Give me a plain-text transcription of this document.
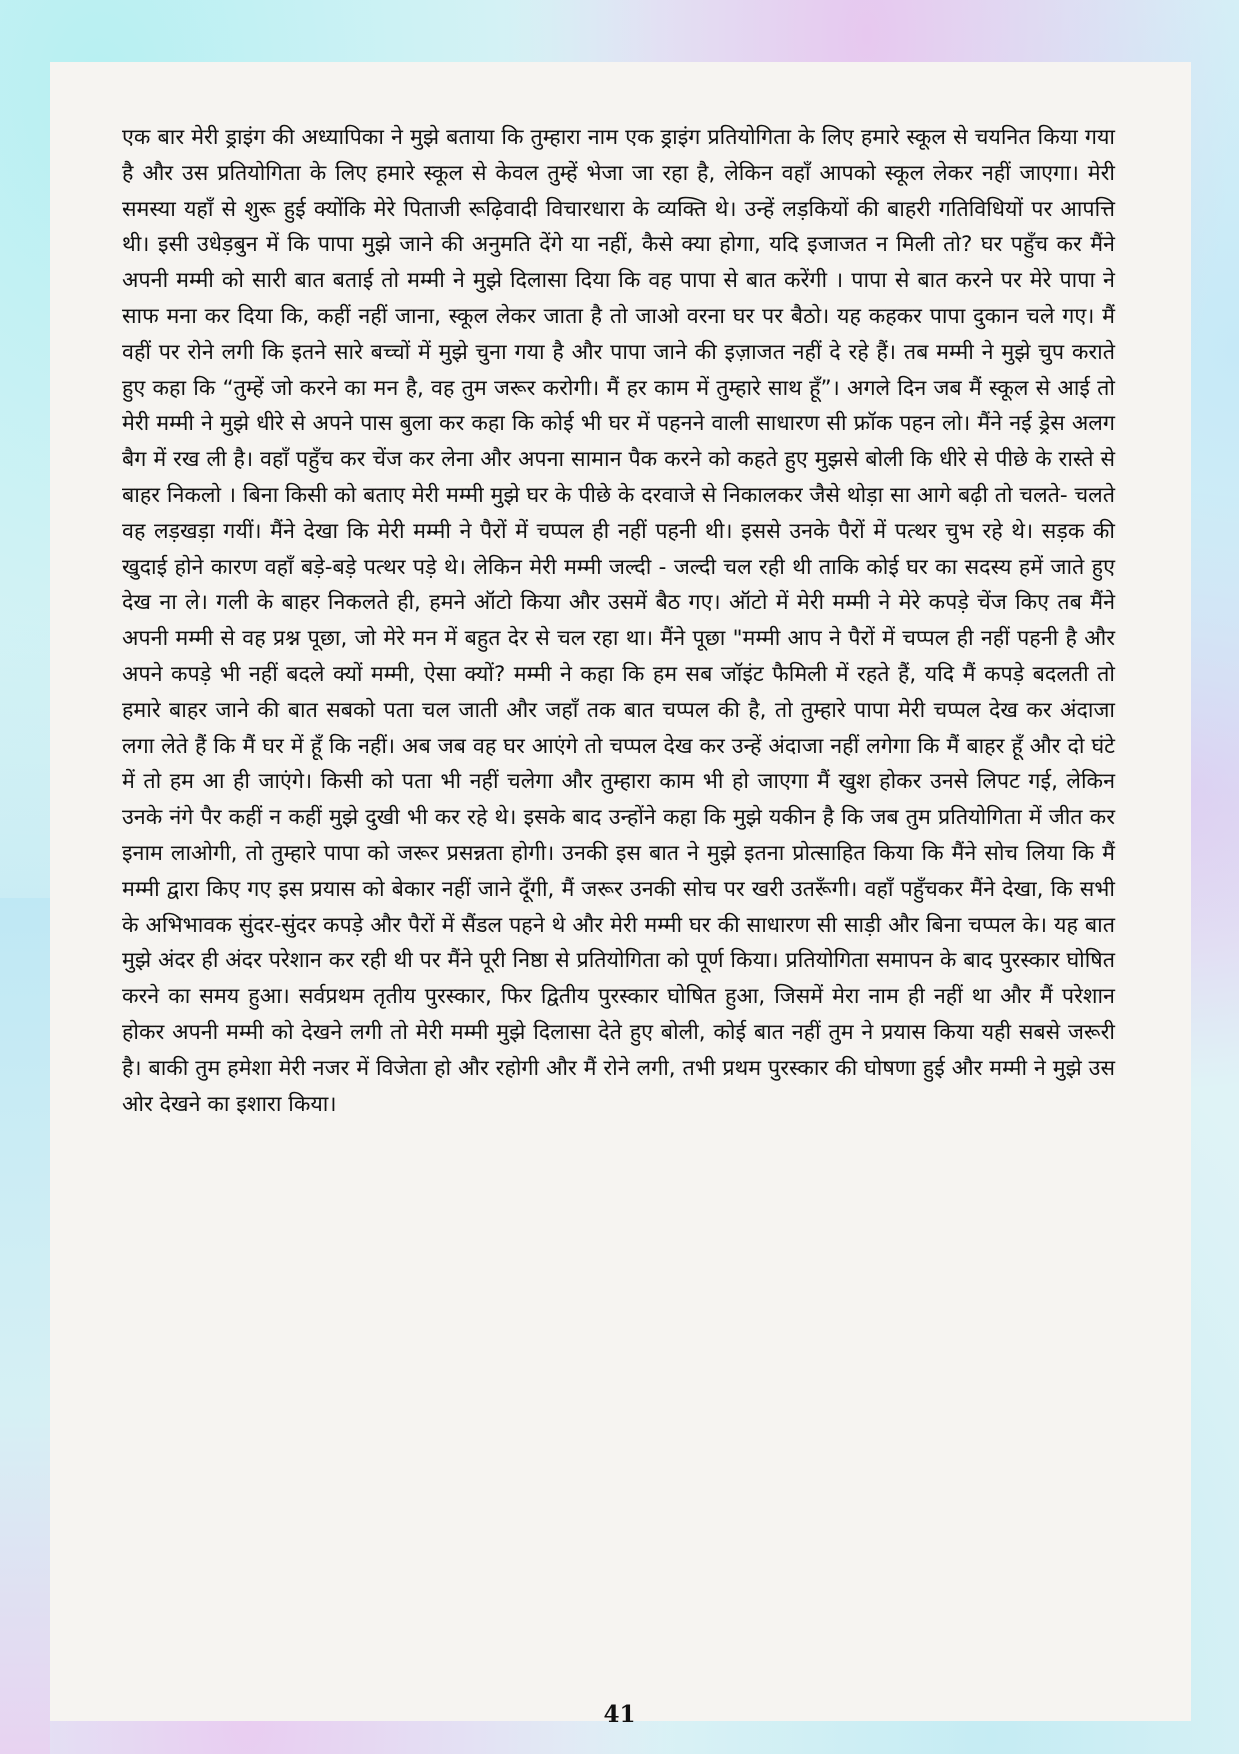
एक बार मेरी ड्राइंग की अध्यापिका ने मुझे बताया कि तुम्हारा नाम एक ड्राइंग प्रतियोगिता के लिए हमारे स्कूल से चयनित किया गया है और उस प्रतियोगिता के लिए हमारे स्कूल से केवल तुम्हें भेजा जा रहा है, लेकिन वहाँ आपको स्कूल लेकर नहीं जाएगा। मेरी समस्या यहाँ से शुरू हुई क्योंकि मेरे पिताजी रूढ़िवादी विचारधारा के व्यक्ति थे। उन्हें लड़कियों की बाहरी गतिविधियों पर आपत्ति थी। इसी उधेड़बुन में कि पापा मुझे जाने की अनुमति देंगे या नहीं, कैसे क्या होगा, यदि इजाजत न मिली तो? घर पहुँच कर मैंने अपनी मम्मी को सारी बात बताई तो मम्मी ने मुझे दिलासा दिया कि वह पापा से बात करेंगी । पापा से बात करने पर मेरे पापा ने साफ मना कर दिया कि, कहीं नहीं जाना, स्कूल लेकर जाता है तो जाओ वरना घर पर बैठो। यह कहकर पापा दुकान चले गए। मैं वहीं पर रोने लगी कि इतने सारे बच्चों में मुझे चुना गया है और पापा जाने की इज़ाजत नहीं दे रहे हैं। तब मम्मी ने मुझे चुप कराते हुए कहा कि “तुम्हें जो करने का मन है, वह तुम जरूर करोगी। मैं हर काम में तुम्हारे साथ हूँ”। अगले दिन जब मैं स्कूल से आई तो मेरी मम्मी ने मुझे धीरे से अपने पास बुला कर कहा कि कोई भी घर में पहनने वाली साधारण सी फ्रॉक पहन लो। मैंने नई ड्रेस अलग बैग में रख ली है। वहाँ पहुँच कर चेंज कर लेना और अपना सामान पैक करने को कहते हुए मुझसे बोली कि धीरे से पीछे के रास्ते से बाहर निकलो । बिना किसी को बताए मेरी मम्मी मुझे घर के पीछे के दरवाजे से निकालकर जैसे थोड़ा सा आगे बढ़ी तो चलते- चलते वह लड़खड़ा गयीं। मैंने देखा कि मेरी मम्मी ने पैरों में चप्पल ही नहीं पहनी थी। इससे उनके पैरों में पत्थर चुभ रहे थे। सड़क की खुदाई होने कारण वहाँ बड़े-बड़े पत्थर पड़े थे। लेकिन मेरी मम्मी जल्दी - जल्दी चल रही थी ताकि कोई घर का सदस्य हमें जाते हुए देख ना ले। गली के बाहर निकलते ही, हमने ऑटो किया और उसमें बैठ गए। ऑटो में मेरी मम्मी ने मेरे कपड़े चेंज किए तब मैंने अपनी मम्मी से वह प्रश्न पूछा, जो मेरे मन में बहुत देर से चल रहा था। मैंने पूछा "मम्मी आप ने पैरों में चप्पल ही नहीं पहनी है और अपने कपड़े भी नहीं बदले क्यों मम्मी, ऐसा क्यों? मम्मी ने कहा कि हम सब जॉइंट फैमिली में रहते हैं, यदि मैं कपड़े बदलती तो हमारे बाहर जाने की बात सबको पता चल जाती और जहाँ तक बात चप्पल की है, तो तुम्हारे पापा मेरी चप्पल देख कर अंदाजा लगा लेते हैं कि मैं घर में हूँ कि नहीं। अब जब वह घर आएंगे तो चप्पल देख कर उन्हें अंदाजा नहीं लगेगा कि मैं बाहर हूँ और दो घंटे में तो हम आ ही जाएंगे। किसी को पता भी नहीं चलेगा और तुम्हारा काम भी हो जाएगा मैं खुश होकर उनसे लिपट गई, लेकिन उनके नंगे पैर कहीं न कहीं मुझे दुखी भी कर रहे थे। इसके बाद उन्होंने कहा कि मुझे यकीन है कि जब तुम प्रतियोगिता में जीत कर इनाम लाओगी, तो तुम्हारे पापा को जरूर प्रसन्नता होगी। उनकी इस बात ने मुझे इतना प्रोत्साहित किया कि मैंने सोच लिया कि मैं मम्मी द्वारा किए गए इस प्रयास को बेकार नहीं जाने दूँगी, मैं जरूर उनकी सोच पर खरी उतरूँगी। वहाँ पहुँचकर मैंने देखा, कि सभी के अभिभावक सुंदर-सुंदर कपड़े और पैरों में सैंडल पहने थे और मेरी मम्मी घर की साधारण सी साड़ी और बिना चप्पल के। यह बात मुझे अंदर ही अंदर परेशान कर रही थी पर मैंने पूरी निष्ठा से प्रतियोगिता को पूर्ण किया। प्रतियोगिता समापन के बाद पुरस्कार घोषित करने का समय हुआ। सर्वप्रथम तृतीय पुरस्कार, फिर द्वितीय पुरस्कार घोषित हुआ, जिसमें मेरा नाम ही नहीं था और मैं परेशान होकर अपनी मम्मी को देखने लगी तो मेरी मम्मी मुझे दिलासा देते हुए बोली, कोई बात नहीं तुम ने प्रयास किया यही सबसे जरूरी है। बाकी तुम हमेशा मेरी नजर में विजेता हो और रहोगी और मैं रोने लगी, तभी प्रथम पुरस्कार की घोषणा हुई और मम्मी ने मुझे उस ओर देखने का इशारा किया।

41
